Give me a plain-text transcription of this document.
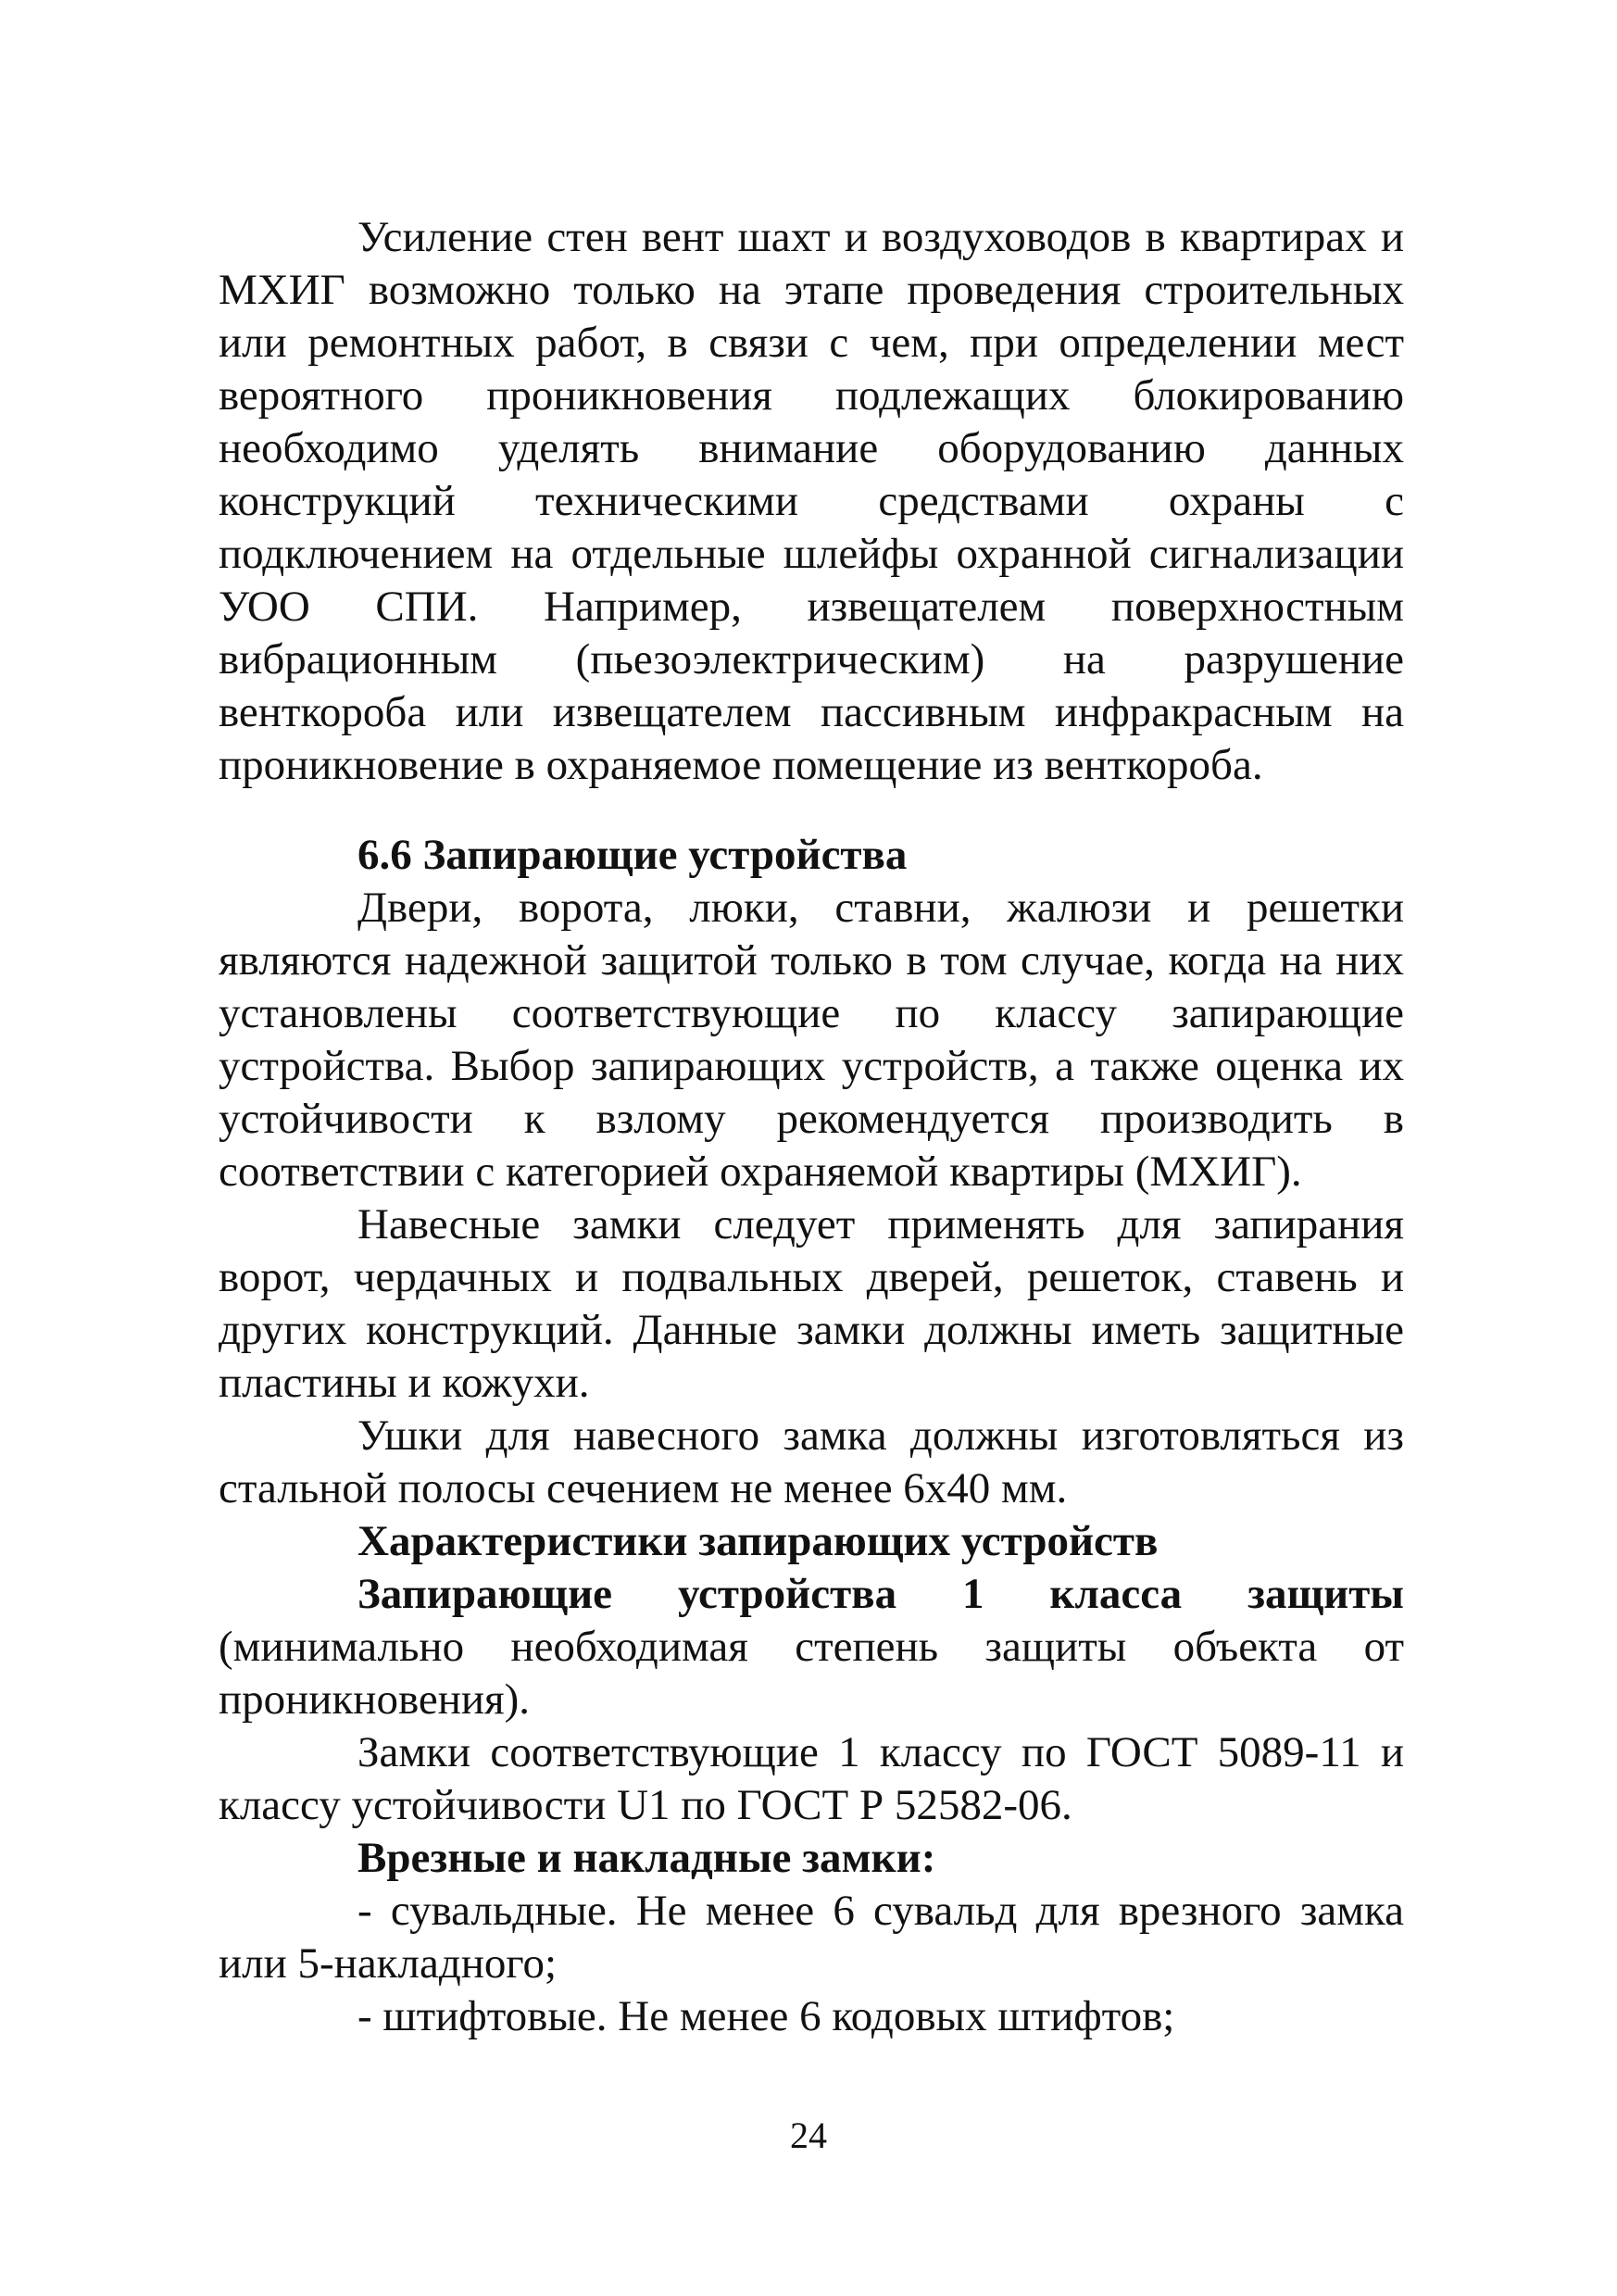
Усиление стен вент шахт и воздуховодов в квартирах и МХИГ возможно только на этапе проведения строительных или ремонтных работ, в связи с чем, при определении мест вероятного проникновения подлежащих блокированию необходимо уделять внимание оборудованию данных конструкций техническими средствами охраны с подключением на отдельные шлейфы охранной сигнализации УОО СПИ. Например, извещателем поверхностным вибрационным (пьезоэлектрическим) на разрушение венткороба или извещателем пассивным инфракрасным на проникновение в охраняемое помещение из венткороба.

6.6 Запирающие устройства

Двери, ворота, люки, ставни, жалюзи и решетки являются надежной защитой только в том случае, когда на них установлены соответствующие по классу запирающие устройства. Выбор запирающих устройств, а также оценка их устойчивости к взлому рекомендуется производить в соответствии с категорией охраняемой квартиры (МХИГ).

Навесные замки следует применять для запирания ворот, чердачных и подвальных дверей, решеток, ставень и других конструкций. Данные замки должны иметь защитные пластины и кожухи.

Ушки для навесного замка должны изготовляться из стальной полосы сечением не менее 6х40 мм.

Характеристики запирающих устройств

Запирающие устройства 1 класса защиты (минимально необходимая степень защиты объекта от проникновения).

Замки соответствующие 1 классу по ГОСТ 5089-11 и классу устойчивости U1 по ГОСТ Р 52582-06.

Врезные и накладные замки:

- сувальдные. Не менее 6 сувальд для врезного замка или 5-накладного;

- штифтовые. Не менее 6 кодовых штифтов;

24
